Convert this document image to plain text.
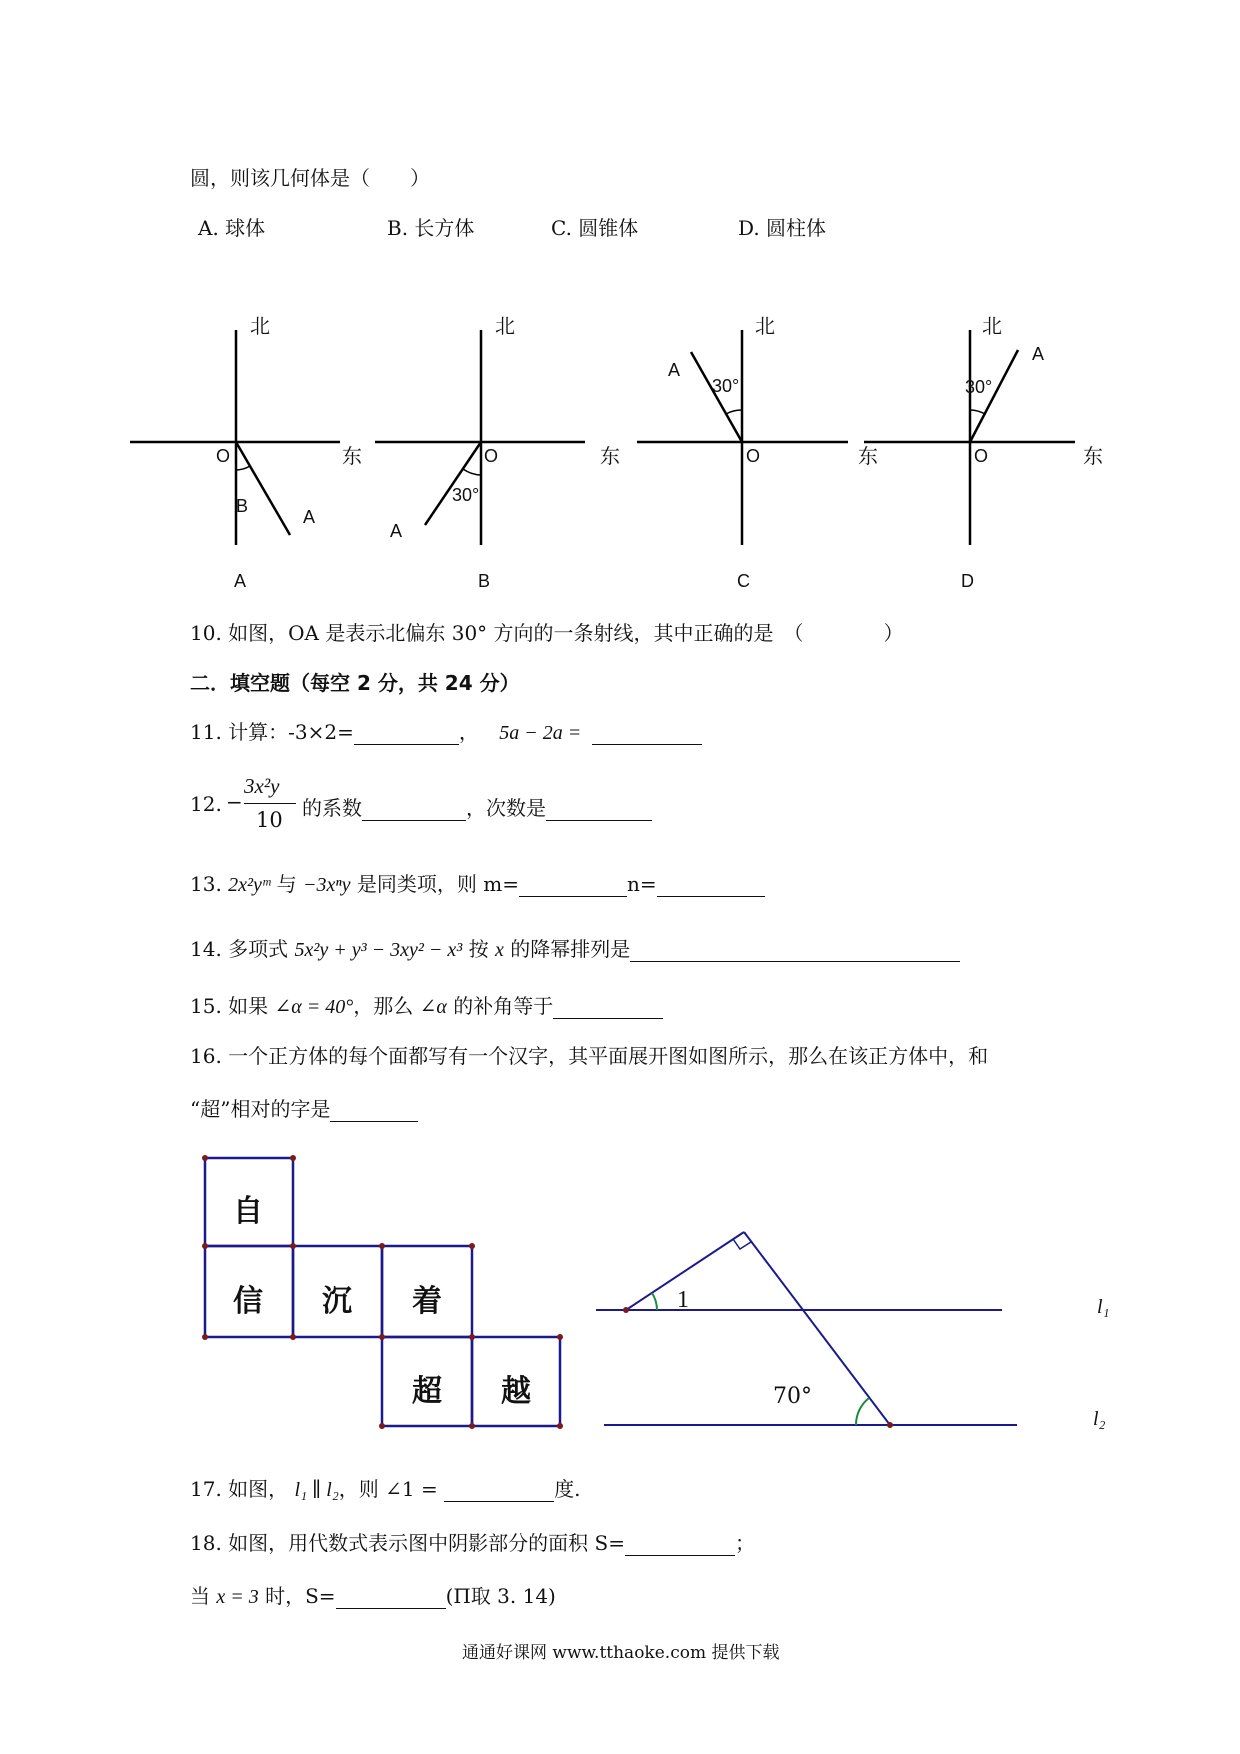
圆，则该几何体是（　　）
A. 球体	B. 长方体	C. 圆锥体	D. 圆柱体
北
O	东
B
A
A
北
O	东
30°
A
B
北
O
A
30°
C
北
O
东	东
A
30°
D
10. 如图，OA 是表示北偏东 30° 方向的一条射线，其中正确的是　（　　　　）
二．填空题（每空 2 分，共 24 分）
11. 计算：-3×2=	， 5a − 2a =
12. −
3x²y
10 的系数	，次数是
13. 2x²yᵐ 与 −3xⁿy 是同类项，则 m=	n=
14. 多项式 5x²y + y³ − 3xy² − x³ 按 x 的降幂排列是
15. 如果 ∠α = 40°，那么 ∠α 的补角等于
16. 一个正方体的每个面都写有一个汉字，其平面展开图如图所示，那么在该正方体中，和
“超”相对的字是
自
信 沉 着
超 越
1
70°
l₁
l₂
17. 如图， l₁ ∥ l₂，则 ∠1 =	度.
18. 如图，用代数式表示图中阴影部分的面积 S=	；
当 x = 3 时，S=	(Π取 3. 14)
通通好课网 www.tthaoke.com 提供下载
